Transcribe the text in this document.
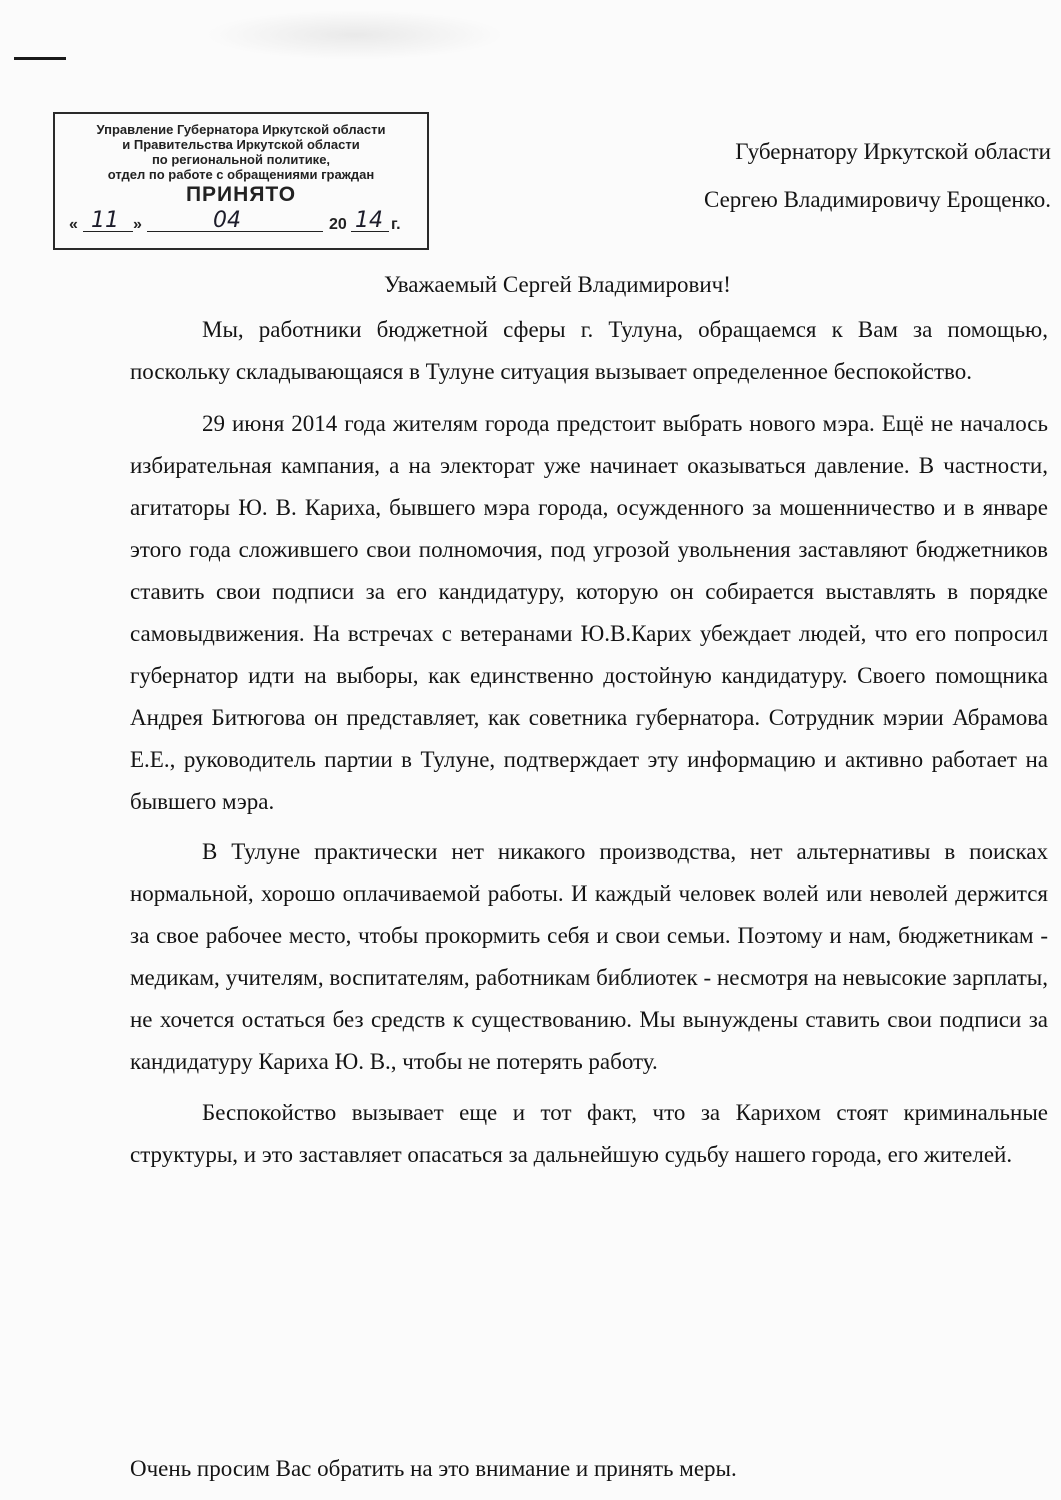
Управление Губернатора Иркутской области

и Правительства Иркутской области

по региональной политике,

отдел по работе с обращениями граждан

ПРИНЯТО
« 11 »	04	20 14 г.
Губернатору Иркутской области
Сергею Владимировичу Ерощенко.
Уважаемый Сергей Владимирович!

Мы, работники бюджетной сферы г. Тулуна, обращаемся к Вам за помощью, поскольку складывающаяся в Тулуне ситуация вызывает определенное беспокойство.

29 июня 2014 года жителям города предстоит выбрать нового мэра. Ещё не началось избирательная кампания, а на электорат уже начинает оказываться давление. В частности, агитаторы Ю. В. Кариха, бывшего мэра города, осужденного за мошенничество и в январе этого года сложившего свои полномочия, под угрозой увольнения заставляют бюджетников ставить свои подписи за его кандидатуру, которую он собирается выставлять в порядке самовыдвижения. На встречах с ветеранами Ю.В.Карих убеждает людей, что его попросил губернатор идти на выборы, как единственно достойную кандидатуру. Своего помощника Андрея Битюгова он представляет, как советника губернатора. Сотрудник мэрии Абрамова Е.Е., руководитель партии в Тулуне, подтверждает эту информацию и активно работает на бывшего мэра.

В Тулуне практически нет никакого производства, нет альтернативы в поисках нормальной, хорошо оплачиваемой работы. И каждый человек волей или неволей держится за свое рабочее место, чтобы прокормить себя и свои семьи. Поэтому и нам, бюджетникам - медикам, учителям, воспитателям, работникам библиотек - несмотря на невысокие зарплаты, не хочется остаться без средств к существованию. Мы вынуждены ставить свои подписи за кандидатуру Кариха Ю. В., чтобы не потерять работу.

Беспокойство вызывает еще и тот факт, что за Карихом стоят криминальные структуры, и это заставляет опасаться за дальнейшую судьбу нашего города, его жителей.

Очень просим Вас обратить на это внимание и принять меры.
